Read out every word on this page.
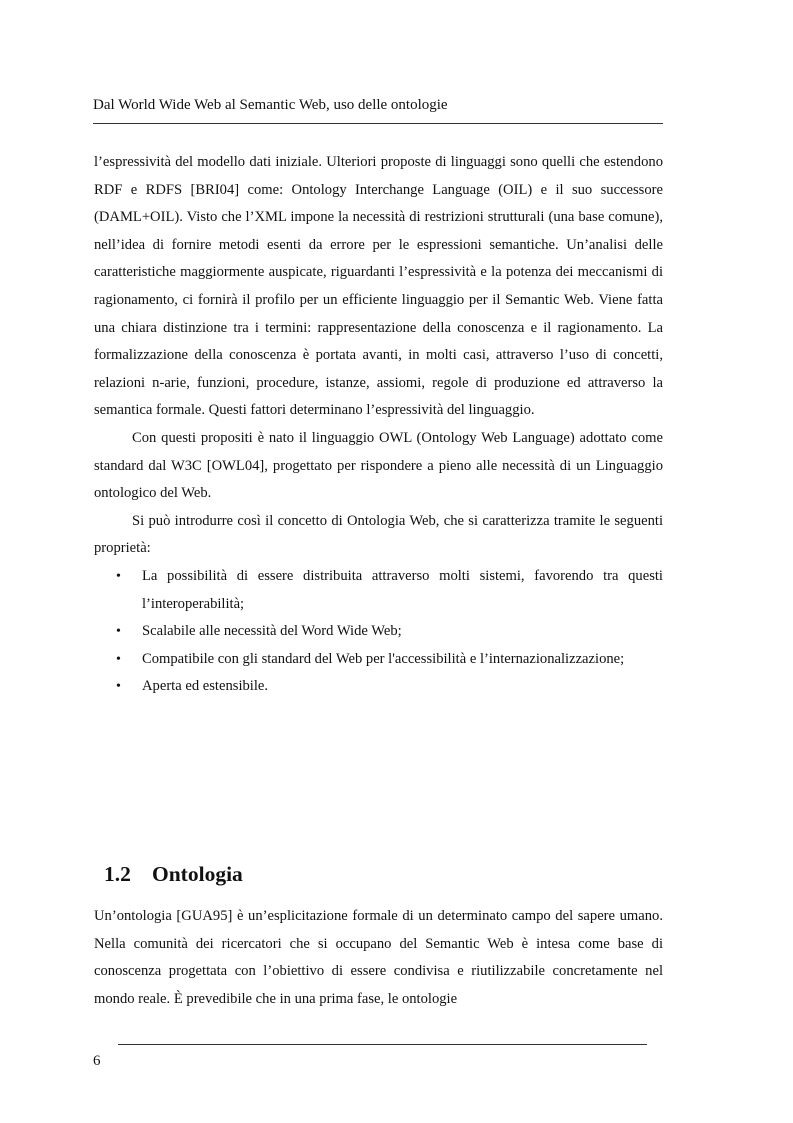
Dal World Wide Web al Semantic Web, uso delle ontologie

l’espressività del modello dati iniziale. Ulteriori proposte di linguaggi sono quelli che estendono RDF e RDFS [BRI04] come: Ontology Interchange Language (OIL) e il suo successore (DAML+OIL). Visto che l’XML impone la necessità di restrizioni strutturali (una base comune), nell’idea di fornire metodi esenti da errore per le espressioni semantiche. Un’analisi delle caratteristiche maggiormente auspicate, riguardanti l’espressività e la potenza dei meccanismi di ragionamento, ci fornirà il profilo per un efficiente linguaggio per il Semantic Web. Viene fatta una chiara distinzione tra i termini: rappresentazione della conoscenza e il ragionamento. La formalizzazione della conoscenza è portata avanti, in molti casi, attraverso l’uso di concetti, relazioni n-arie, funzioni, procedure, istanze, assiomi, regole di produzione ed attraverso la semantica formale. Questi fattori determinano l’espressività del linguaggio.

Con questi propositi è nato il linguaggio OWL (Ontology Web Language) adottato come standard dal W3C [OWL04], progettato per rispondere a pieno alle necessità di un Linguaggio ontologico del Web.

Si può introdurre così il concetto di Ontologia Web, che si caratterizza tramite le seguenti proprietà:

• La possibilità di essere distribuita attraverso molti sistemi, favorendo tra questi l’interoperabilità;
• Scalabile alle necessità del Word Wide Web;
• Compatibile con gli standard del Web per l'accessibilità e l’internazionalizzazione;
• Aperta ed estensibile.
1.2 Ontologia

Un’ontologia [GUA95] è un’esplicitazione formale di un determinato campo del sapere umano. Nella comunità dei ricercatori che si occupano del Semantic Web è intesa come base di conoscenza progettata con l’obiettivo di essere condivisa e riutilizzabile concretamente nel mondo reale. È prevedibile che in una prima fase, le ontologie

6
